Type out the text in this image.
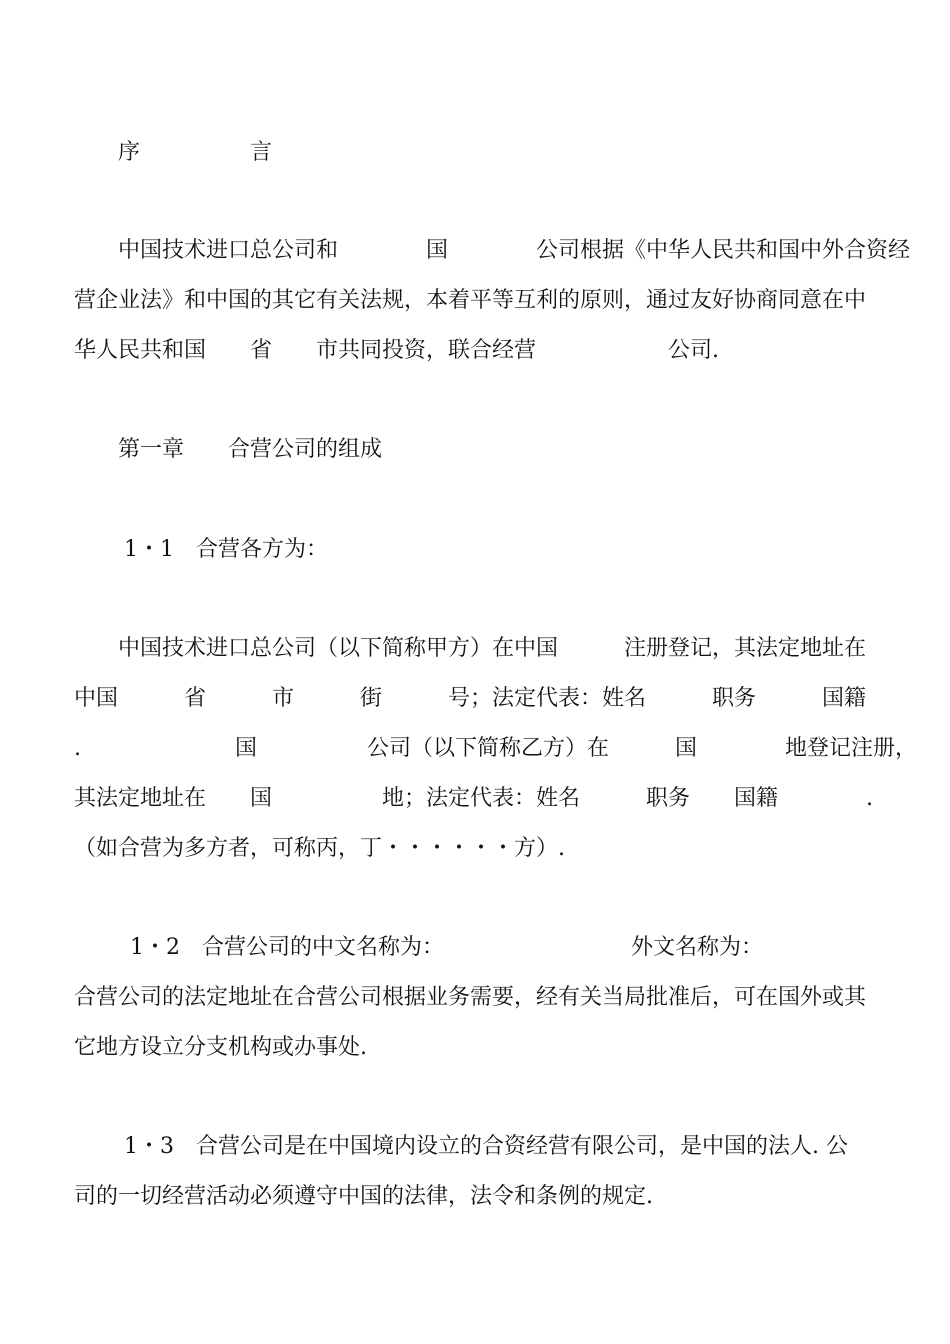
序　　　　　言
中国技术进口总公司和　　　　国　　　　公司根据《中华人民共和国中外合资经
营企业法》和中国的其它有关法规，本着平等互利的原则，通过友好协商同意在中
华人民共和国　　省　　市共同投资，联合经营　　　　　　公司.
第一章　　合营公司的组成
1・1　合营各方为：
中国技术进口总公司（以下简称甲方）在中国　　　注册登记，其法定地址在
中国　　　省　　　市　　　街　　　号；法定代表：姓名　　　职务　　　国籍
.　　　　　　　国　　　　　公司（以下简称乙方）在　　　国　　　　地登记注册，
其法定地址在　　国　　　　　地；法定代表：姓名　　　职务　　国籍　　　　.
（如合营为多方者，可称丙，丁・・・・・・方）.
1・2　合营公司的中文名称为：　　　　　　　　　外文名称为：
合营公司的法定地址在合营公司根据业务需要，经有关当局批准后，可在国外或其
它地方设立分支机构或办事处.
1・3　合营公司是在中国境内设立的合资经营有限公司，是中国的法人. 公
司的一切经营活动必须遵守中国的法律，法令和条例的规定.
